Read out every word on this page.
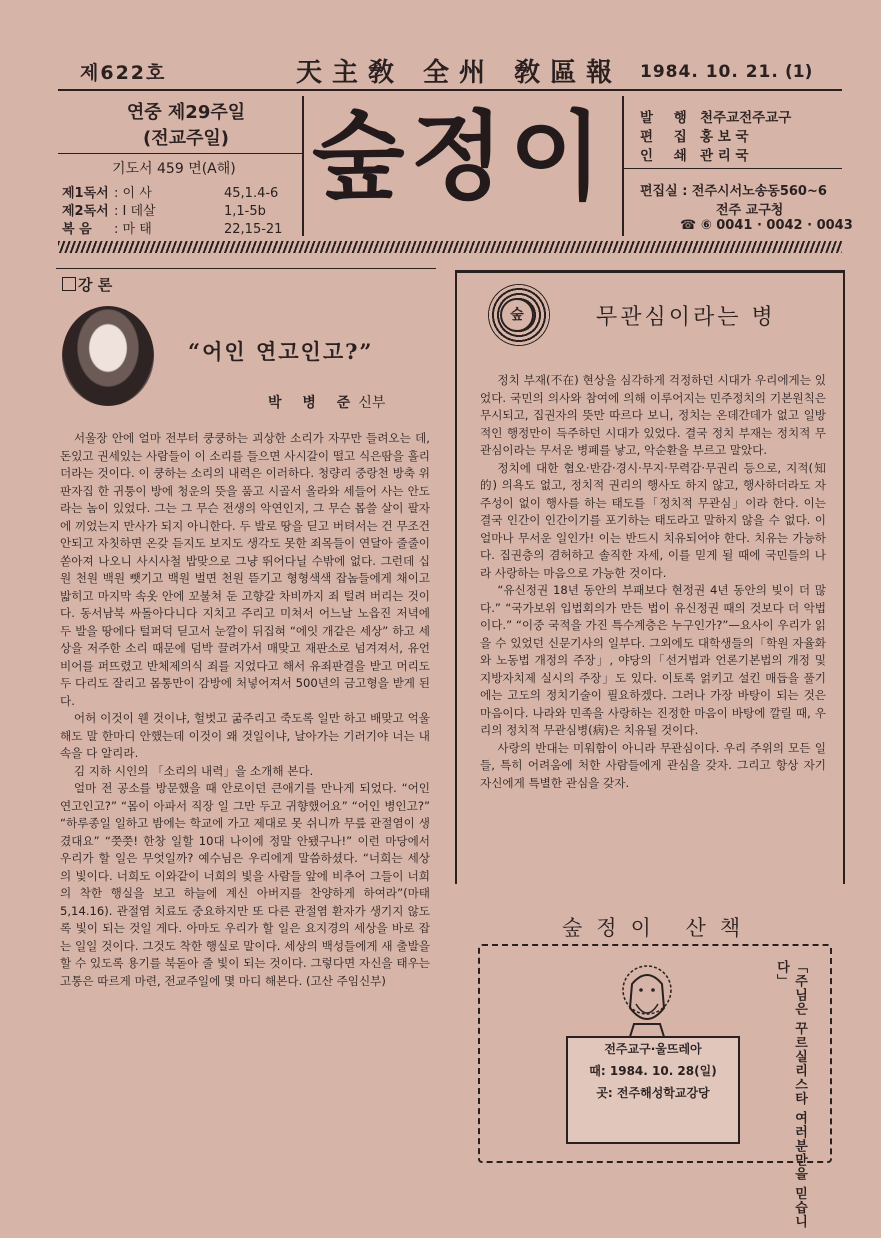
제622호	天主敎 全州 敎區報 1984. 10. 21. (1)
연중 제29주일
(전교주일)
기도서 459 면(A해)
제1독서 : 이 사	45,1.4-6
제2독서 : I 데살	1,1-5b
복 음 : 마 태	22,15-21
숲정이	발 행 천주교전주교구
편 집 홍 보 국
인 쇄 관 리 국
편집실 : 전주시서노송동560~6
전주 교구청
☎ ⑥ 0041 · 0042 · 0043
강 론
“어인 연고인고?”
박 병 준신부

서울장 안에 얼마 전부터 쿵쿵하는 괴상한 소리가 자꾸만 들려오는 데, 돈있고 권세있는 사람들이 이 소리를 들으면 사시갈이 떨고 식은땀을 흘리더라는 것이다. 이 쿵하는 소리의 내력은 이러하다. 청량리 중랑천 방축 위 판자집 한 귀퉁이 방에 청운의 뜻을 품고 시골서 올라와 세들어 사는 안도라는 놈이 있었다. 그는 그 무슨 전생의 악연인지, 그 무슨 몹쓸 살이 팔자에 끼었는지 만사가 되지 아니한다. 두 발로 땅을 딛고 버텨서는 건 무조건 안되고 자칫하면 온갖 듣지도 보지도 생각도 못한 죄목들이 연달아 줄줄이 쏟아져 나오니 사시사철 밥맞으로 그냥 뛰어다닐 수밖에 없다. 그런데 십원 천원 백원 뺏기고 백원 벌면 천원 뜯기고 형형색색 잡놈들에게 채이고 밟히고 마지막 속옷 안에 꼬불쳐 둔 고향갈 차비까지 죄 털려 버리는 것이다. 동서남북 싸돌아다니다 지치고 주리고 미쳐서 어느날 노읍진 저녁에 두 발을 땅에다 털퍼덕 딛고서 눈깔이 뒤집혀 “에잇 개같은 세상” 하고 세상을 저주한 소리 때문에 덤박 끌려가서 매맞고 재판소로 넘겨져서, 유언비어를 퍼뜨렸고 반체제의식 죄를 지었다고 해서 유죄판결을 받고 머리도 두 다리도 잘리고 몸통만이 감방에 처넣어져서 500년의 금고형을 받게 된다.

어허 이것이 웬 것이냐, 헐벗고 굶주리고 죽도록 일만 하고 배맞고 억울해도 말 한마디 안했는데 이것이 왜 것일이냐, 날아가는 기러기야 너는 내 속을 다 알리라.

김 지하 시인의 「소리의 내력」을 소개해 본다.

얼마 전 공소를 방문했을 때 안로이던 큰애기를 만나게 되었다. “어인 연고인고?” “몸이 아파서 직장 일 그만 두고 귀향했어요” “어인 병인고?” “하루종일 일하고 밤에는 학교에 가고 제대로 못 쉬니까 무릎 관절염이 생겼대요” “쯧쯧! 한창 일할 10대 나이에 정말 안됐구나!” 이런 마당에서 우리가 할 일은 무엇일까? 예수님은 우리에게 말씀하셨다. “너희는 세상의 빛이다. 너희도 이와같이 너희의 빛을 사람들 앞에 비추어 그들이 너희의 착한 행실을 보고 하늘에 계신 아버지를 찬양하게 하여라”(마태 5,14.16). 관절염 치료도 중요하지만 또 다른 관절염 환자가 생기지 않도록 빛이 되는 것일 게다. 아마도 우리가 할 일은 요지경의 세상을 바로 잡는 일일 것이다. 그것도 착한 행실로 말이다. 세상의 백성들에게 새 출발을 할 수 있도록 용기를 북돋아 줄 빛이 되는 것이다. 그렇다면 자신을 태우는 고통은 따르게 마련, 전교주일에 몇 마디 해본다. (고산 주임신부)

숲	무관심이라는 병

정치 부재(不在) 현상을 심각하게 걱정하던 시대가 우리에게는 있었다. 국민의 의사와 참여에 의해 이루어지는 민주정치의 기본원칙은 무시되고, 집권자의 뜻만 따르다 보니, 정치는 온데간데가 없고 일방적인 행정만이 득주하던 시대가 있었다. 결국 정치 부재는 정치적 무관심이라는 무서운 병폐를 낳고, 악순환을 부르고 말았다.

정치에 대한 혐오·반감·경시·무지·무력감·무권리 등으로, 지적(知的) 의욕도 없고, 정치적 권리의 행사도 하지 않고, 행사하더라도 자주성이 없이 행사를 하는 태도를「정치적 무관심」이라 한다. 이는 결국 인간이 인간이기를 포기하는 태도라고 말하지 않을 수 없다. 이 얼마나 무서운 일인가! 이는 반드시 치유되어야 한다. 치유는 가능하다. 집권층의 겸허하고 솔직한 자세, 이를 믿게 될 때에 국민들의 나라 사랑하는 마음으로 가능한 것이다.

“유신정권 18년 동안의 부패보다 현정권 4년 동안의 빚이 더 많다.” “국가보위 입법회의가 만든 법이 유신정권 때의 것보다 더 악법이다.” “이중 국적을 가진 특수계층은 누구인가?”—요사이 우리가 읽을 수 있었던 신문기사의 일부다. 그외에도 대학생들의「학원 자율화와 노동법 개정의 주장」, 야당의「선거법과 언론기본법의 개정 및 지방자치제 실시의 주장」도 있다. 이토록 얽키고 설킨 매듭을 풀기에는 고도의 정치기술이 필요하겠다. 그러나 가장 바탕이 되는 것은 마음이다. 나라와 민족을 사랑하는 진정한 마음이 바탕에 깔릴 때, 우리의 정치적 무관심병(病)은 치유될 것이다.

사랑의 반대는 미워함이 아니라 무관심이다. 우리 주위의 모든 일들, 특히 어려움에 처한 사람들에게 관심을 갖자. 그리고 항상 자기 자신에게 특별한 관심을 갖자.

숲정이 산책
전주교구·울뜨레아
때: 1984. 10. 28(일)
곳: 전주해성학교강당	「주님은 꾸르실리스타 여러분만을 믿습니다」
